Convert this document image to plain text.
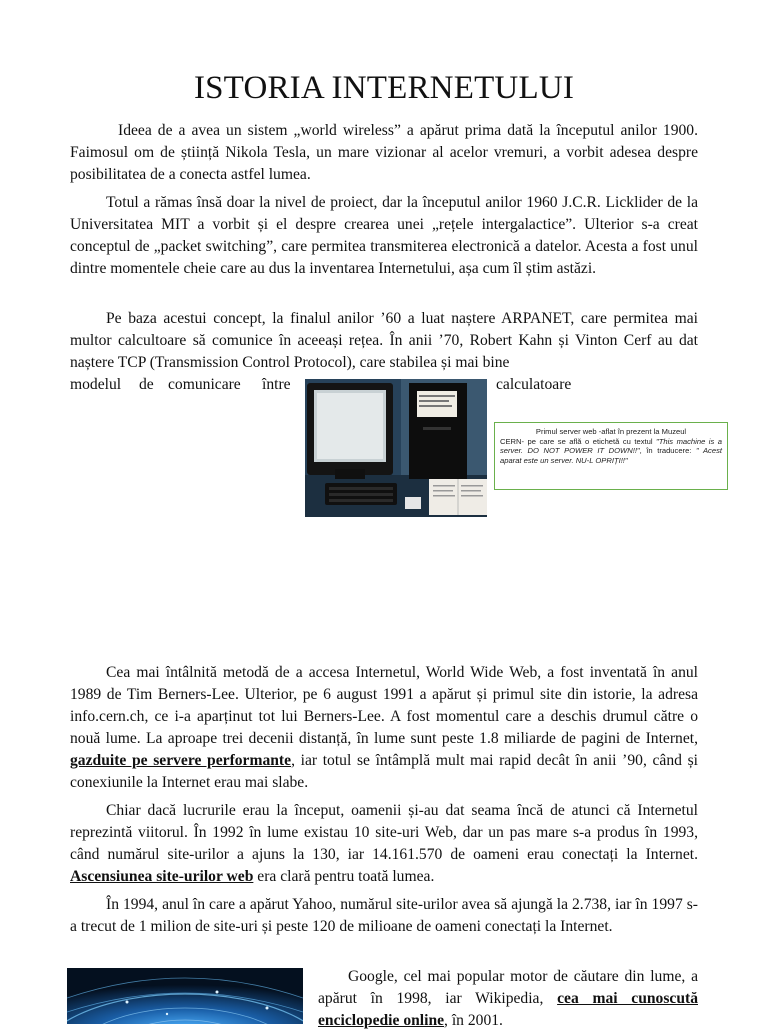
ISTORIA INTERNETULUI

Ideea de a avea un sistem „world wireless” a apărut prima dată la începutul anilor 1900. Faimosul om de știință Nikola Tesla, un mare vizionar al acelor vremuri, a vorbit adesea despre posibilitatea de a conecta astfel lumea.

Totul a rămas însă doar la nivel de proiect, dar la începutul anilor 1960 J.C.R. Licklider de la Universitatea MIT a vorbit și el despre crearea unei „rețele intergalactice”. Ulterior s-a creat conceptul de „packet switching”, care permitea transmiterea electronică a datelor. Acesta a fost unul dintre momentele cheie care au dus la inventarea Internetului, așa cum îl știm astăzi.

Pe baza acestui concept, la finalul anilor ’60 a luat naștere ARPANET, care permitea mai multor calcultoare să comunice în aceeași rețea. În anii ’70, Robert Kahn și Vinton Cerf au dat naștere TCP (Transmission Control Protocol), care stabilea și mai bine

modelul de comunicare între	calculatoare
Primul server web -aflat în prezent la Muzeul
CERN- pe care se află o etichetă cu textul "This machine is a server. DO NOT POWER IT DOWN!!", în traducere: " Acest aparat este un server. NU-L OPRIȚI!!"

Cea mai întâlnită metodă de a accesa Internetul, World Wide Web, a fost inventată în anul 1989 de Tim Berners-Lee. Ulterior, pe 6 august 1991 a apărut și primul site din istorie, la adresa info.cern.ch, ce i-a aparținut tot lui Berners-Lee. A fost momentul care a deschis drumul către o nouă lume. La aproape trei decenii distanță, în lume sunt peste 1.8 miliarde de pagini de Internet, gazduite pe servere performante, iar totul se întâmplă mult mai rapid decât în anii ’90, când și conexiunile la Internet erau mai slabe.

Chiar dacă lucrurile erau la început, oamenii și-au dat seama încă de atunci că Internetul reprezintă viitorul. În 1992 în lume existau 10 site-uri Web, dar un pas mare s-a produs în 1993, când numărul site-urilor a ajuns la 130, iar 14.161.570 de oameni erau conectați la Internet. Ascensiunea site-urilor web era clară pentru toată lumea.

În 1994, anul în care a apărut Yahoo, numărul site-urilor avea să ajungă la 2.738, iar în 1997 s-a trecut de 1 milion de site-uri și peste 120 de milioane de oameni conectați la Internet.

Google, cel mai popular motor de căutare din lume, a apărut în 1998, iar Wikipedia, cea mai cunoscută enciclopedie online, în 2001.
